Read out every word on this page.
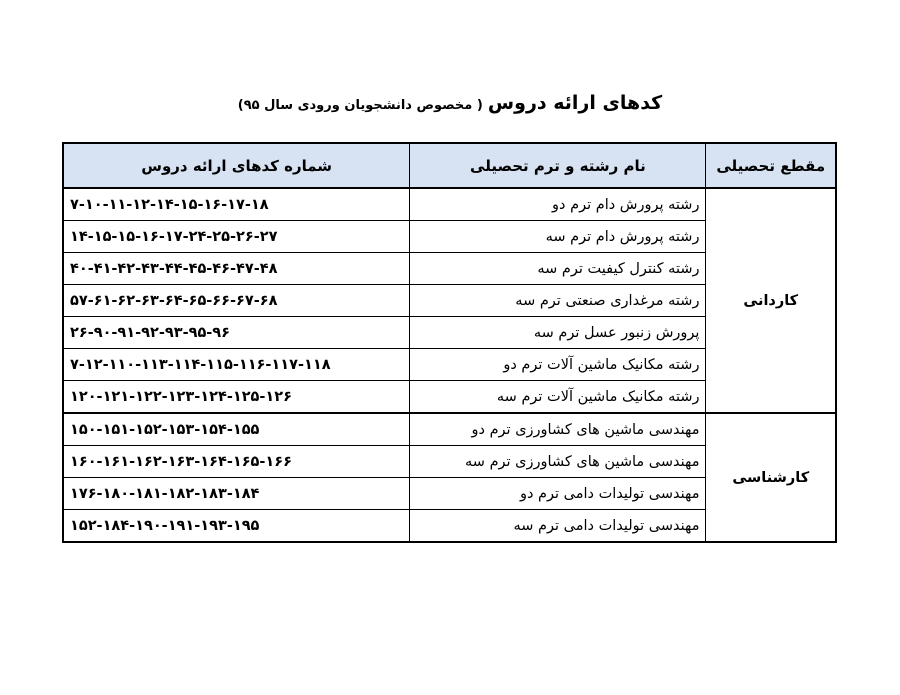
کدهای ارائه دروس ( مخصوص دانشجویان ورودی سال ۹۵)
مقطع تحصیلی	نام رشته و ترم تحصیلی	شماره کدهای ارائه دروس
کاردانی	رشته پرورش دام ترم دو	۷-۱۰-۱۱-۱۲-۱۴-۱۵-۱۶-۱۷-۱۸
	رشته پرورش دام ترم سه	۱۴-۱۵-۱۵-۱۶-۱۷-۲۴-۲۵-۲۶-۲۷
	رشته کنترل کیفیت ترم سه	۴۰-۴۱-۴۲-۴۳-۴۴-۴۵-۴۶-۴۷-۴۸
	رشته مرغداری صنعتی ترم سه	۵۷-۶۱-۶۲-۶۳-۶۴-۶۵-۶۶-۶۷-۶۸
	پرورش زنبور عسل ترم سه	۲۶-۹۰-۹۱-۹۲-۹۳-۹۵-۹۶
	رشته مکانیک ماشین آلات ترم دو	۷-۱۲-۱۱۰-۱۱۳-۱۱۴-۱۱۵-۱۱۶-۱۱۷-۱۱۸
	رشته مکانیک ماشین آلات ترم سه	۱۲۰-۱۲۱-۱۲۲-۱۲۳-۱۲۴-۱۲۵-۱۲۶
کارشناسی	مهندسی ماشین های کشاورزی ترم دو	۱۵۰-۱۵۱-۱۵۲-۱۵۳-۱۵۴-۱۵۵
	مهندسی ماشین های کشاورزی ترم سه	۱۶۰-۱۶۱-۱۶۲-۱۶۳-۱۶۴-۱۶۵-۱۶۶
	مهندسی تولیدات دامی ترم دو	۱۷۶-۱۸۰-۱۸۱-۱۸۲-۱۸۳-۱۸۴
	مهندسی تولیدات دامی ترم سه	۱۵۲-۱۸۴-۱۹۰-۱۹۱-۱۹۳-۱۹۵
